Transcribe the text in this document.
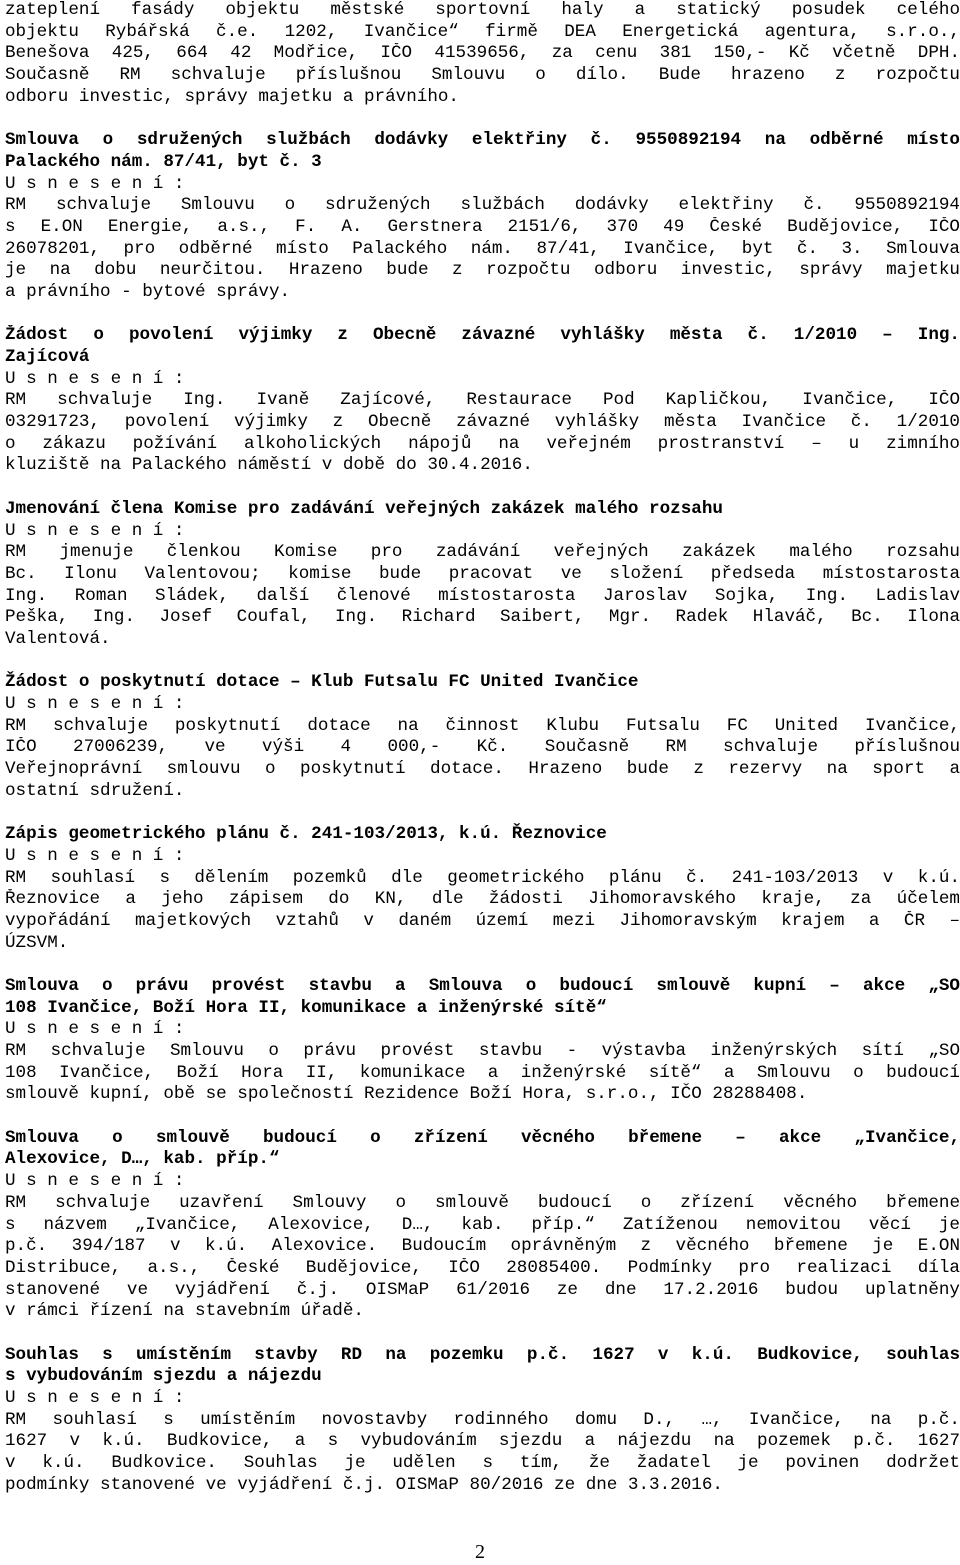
zateplení fasády objektu městské sportovní haly a statický posudek celého
objektu Rybářská č.e. 1202, Ivančice“ firmě DEA Energetická agentura, s.r.o.,
Benešova 425, 664 42 Modřice, IČO 41539656, za cenu 381 150,- Kč včetně DPH.
Současně RM schvaluje příslušnou Smlouvu o dílo. Bude hrazeno z rozpočtu
odboru investic, správy majetku a právního.
Smlouva o sdružených službách dodávky elektřiny č. 9550892194 na odběrné místo
Palackého nám. 87/41, byt č. 3
U s n e s e n í :
RM schvaluje Smlouvu o sdružených službách dodávky elektřiny č. 9550892194
s E.ON Energie, a.s., F. A. Gerstnera 2151/6, 370 49 České Budějovice, IČO
26078201, pro odběrné místo Palackého nám. 87/41, Ivančice, byt č. 3. Smlouva
je na dobu neurčitou. Hrazeno bude z rozpočtu odboru investic, správy majetku
a právního - bytové správy.
Žádost o povolení výjimky z Obecně závazné vyhlášky města č. 1/2010 – Ing.
Zajícová
U s n e s e n í :
RM schvaluje Ing. Ivaně Zajícové, Restaurace Pod Kapličkou, Ivančice, IČO
03291723, povolení výjimky z Obecně závazné vyhlášky města Ivančice č. 1/2010
o zákazu požívání alkoholických nápojů na veřejném prostranství – u zimního
kluziště na Palackého náměstí v době do 30.4.2016.
Jmenování člena Komise pro zadávání veřejných zakázek malého rozsahu
U s n e s e n í :
RM jmenuje členkou Komise pro zadávání veřejných zakázek malého rozsahu
Bc. Ilonu Valentovou; komise bude pracovat ve složení předseda místostarosta
Ing. Roman Sládek, další členové místostarosta Jaroslav Sojka, Ing. Ladislav
Peška, Ing. Josef Coufal, Ing. Richard Saibert, Mgr. Radek Hlaváč, Bc. Ilona
Valentová.
Žádost o poskytnutí dotace – Klub Futsalu FC United Ivančice
U s n e s e n í :
RM schvaluje poskytnutí dotace na činnost Klubu Futsalu FC United Ivančice,
IČO 27006239, ve výši 4 000,- Kč. Současně RM schvaluje příslušnou
Veřejnoprávní smlouvu o poskytnutí dotace. Hrazeno bude z rezervy na sport a
ostatní sdružení.
Zápis geometrického plánu č. 241-103/2013, k.ú. Řeznovice
U s n e s e n í :
RM souhlasí s dělením pozemků dle geometrického plánu č. 241-103/2013 v k.ú.
Řeznovice a jeho zápisem do KN, dle žádosti Jihomoravského kraje, za účelem
vypořádání majetkových vztahů v daném území mezi Jihomoravským krajem a ČR –
ÚZSVM.
Smlouva o právu provést stavbu a Smlouva o budoucí smlouvě kupní – akce „SO
108 Ivančice, Boží Hora II, komunikace a inženýrské sítě“
U s n e s e n í :
RM schvaluje Smlouvu o právu provést stavbu - výstavba inženýrských sítí „SO
108 Ivančice, Boží Hora II, komunikace a inženýrské sítě“ a Smlouvu o budoucí
smlouvě kupní, obě se společností Rezidence Boží Hora, s.r.o., IČO 28288408.
Smlouva o smlouvě budoucí o zřízení věcného břemene – akce „Ivančice,
Alexovice, D…, kab. příp.“
U s n e s e n í :
RM schvaluje uzavření Smlouvy o smlouvě budoucí o zřízení věcného břemene
s názvem „Ivančice, Alexovice, D…, kab. příp.“ Zatíženou nemovitou věcí je
p.č. 394/187 v k.ú. Alexovice. Budoucím oprávněným z věcného břemene je E.ON
Distribuce, a.s., České Budějovice, IČO 28085400. Podmínky pro realizaci díla
stanovené ve vyjádření č.j. OISMaP 61/2016 ze dne 17.2.2016 budou uplatněny
v rámci řízení na stavebním úřadě.
Souhlas s umístěním stavby RD na pozemku p.č. 1627 v k.ú. Budkovice, souhlas
s vybudováním sjezdu a nájezdu
U s n e s e n í :
RM souhlasí s umístěním novostavby rodinného domu D., …, Ivančice, na p.č.
1627 v k.ú. Budkovice, a s vybudováním sjezdu a nájezdu na pozemek p.č. 1627
v k.ú. Budkovice. Souhlas je udělen s tím, že žadatel je povinen dodržet
podmínky stanovené ve vyjádření č.j. OISMaP 80/2016 ze dne 3.3.2016.
2
